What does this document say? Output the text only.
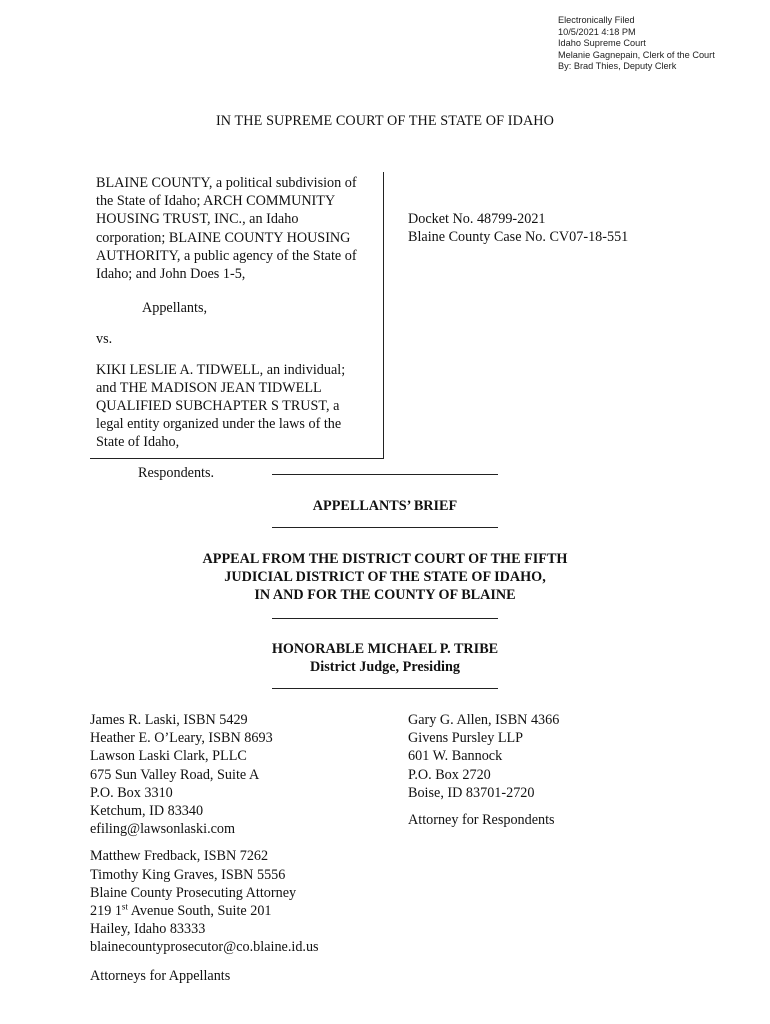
Electronically Filed
10/5/2021 4:18 PM
Idaho Supreme Court
Melanie Gagnepain, Clerk of the Court
By: Brad Thies, Deputy Clerk
IN THE SUPREME COURT OF THE STATE OF IDAHO
BLAINE COUNTY, a political subdivision of
the State of Idaho; ARCH COMMUNITY
HOUSING TRUST, INC., an Idaho
corporation; BLAINE COUNTY HOUSING
AUTHORITY, a public agency of the State of
Idaho; and John Does 1-5,
Appellants,
vs.
KIKI LESLIE A. TIDWELL, an individual;
and THE MADISON JEAN TIDWELL
QUALIFIED SUBCHAPTER S TRUST, a
legal entity organized under the laws of the
State of Idaho,
Respondents.
Docket No. 48799-2021
Blaine County Case No. CV07-18-551
APPELLANTS’ BRIEF
APPEAL FROM THE DISTRICT COURT OF THE FIFTH
JUDICIAL DISTRICT OF THE STATE OF IDAHO,
IN AND FOR THE COUNTY OF BLAINE
HONORABLE MICHAEL P. TRIBE
District Judge, Presiding
James R. Laski, ISBN 5429
Heather E. O’Leary, ISBN 8693
Lawson Laski Clark, PLLC
675 Sun Valley Road, Suite A
P.O. Box 3310
Ketchum, ID 83340
efiling@lawsonlaski.com
Matthew Fredback, ISBN 7262
Timothy King Graves, ISBN 5556
Blaine County Prosecuting Attorney
219 1st Avenue South, Suite 201
Hailey, Idaho 83333
blainecountyprosecutor@co.blaine.id.us
Attorneys for Appellants
Gary G. Allen, ISBN 4366
Givens Pursley LLP
601 W. Bannock
P.O. Box 2720
Boise, ID 83701-2720
Attorney for Respondents
